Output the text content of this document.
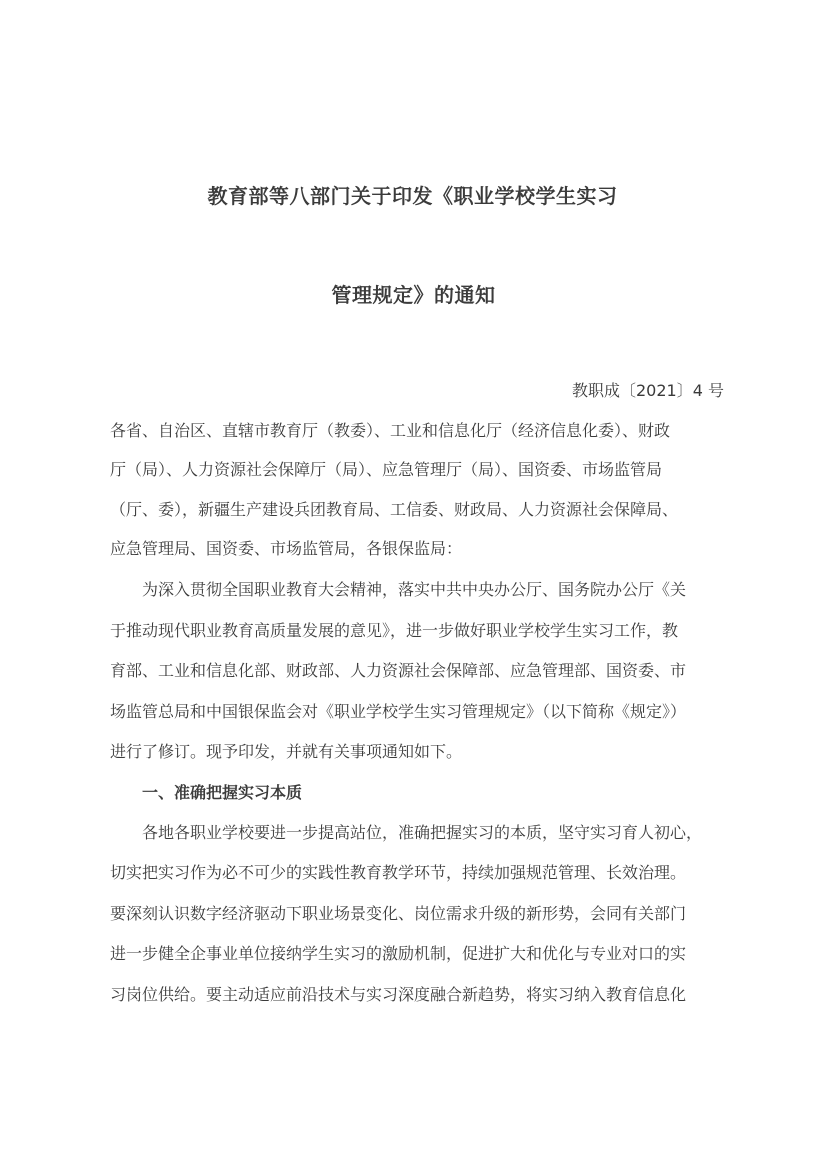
教育部等八部门关于印发《职业学校学生实习
管理规定》的通知
教职成〔2021〕4 号
各省、自治区、直辖市教育厅（教委）、工业和信息化厅（经济信息化委）、财政
厅（局）、人力资源社会保障厅（局）、应急管理厅（局）、国资委、市场监管局
（厅、委），新疆生产建设兵团教育局、工信委、财政局、人力资源社会保障局、
应急管理局、国资委、市场监管局，各银保监局：
　　为深入贯彻全国职业教育大会精神，落实中共中央办公厅、国务院办公厅《关
于推动现代职业教育高质量发展的意见》，进一步做好职业学校学生实习工作，教
育部、工业和信息化部、财政部、人力资源社会保障部、应急管理部、国资委、市
场监管总局和中国银保监会对《职业学校学生实习管理规定》（以下简称《规定》）
进行了修订。现予印发，并就有关事项通知如下。
　　一、准确把握实习本质
　　各地各职业学校要进一步提高站位，准确把握实习的本质，坚守实习育人初心，
切实把实习作为必不可少的实践性教育教学环节，持续加强规范管理、长效治理。
要深刻认识数字经济驱动下职业场景变化、岗位需求升级的新形势，会同有关部门
进一步健全企事业单位接纳学生实习的激励机制，促进扩大和优化与专业对口的实
习岗位供给。要主动适应前沿技术与实习深度融合新趋势，将实习纳入教育信息化
